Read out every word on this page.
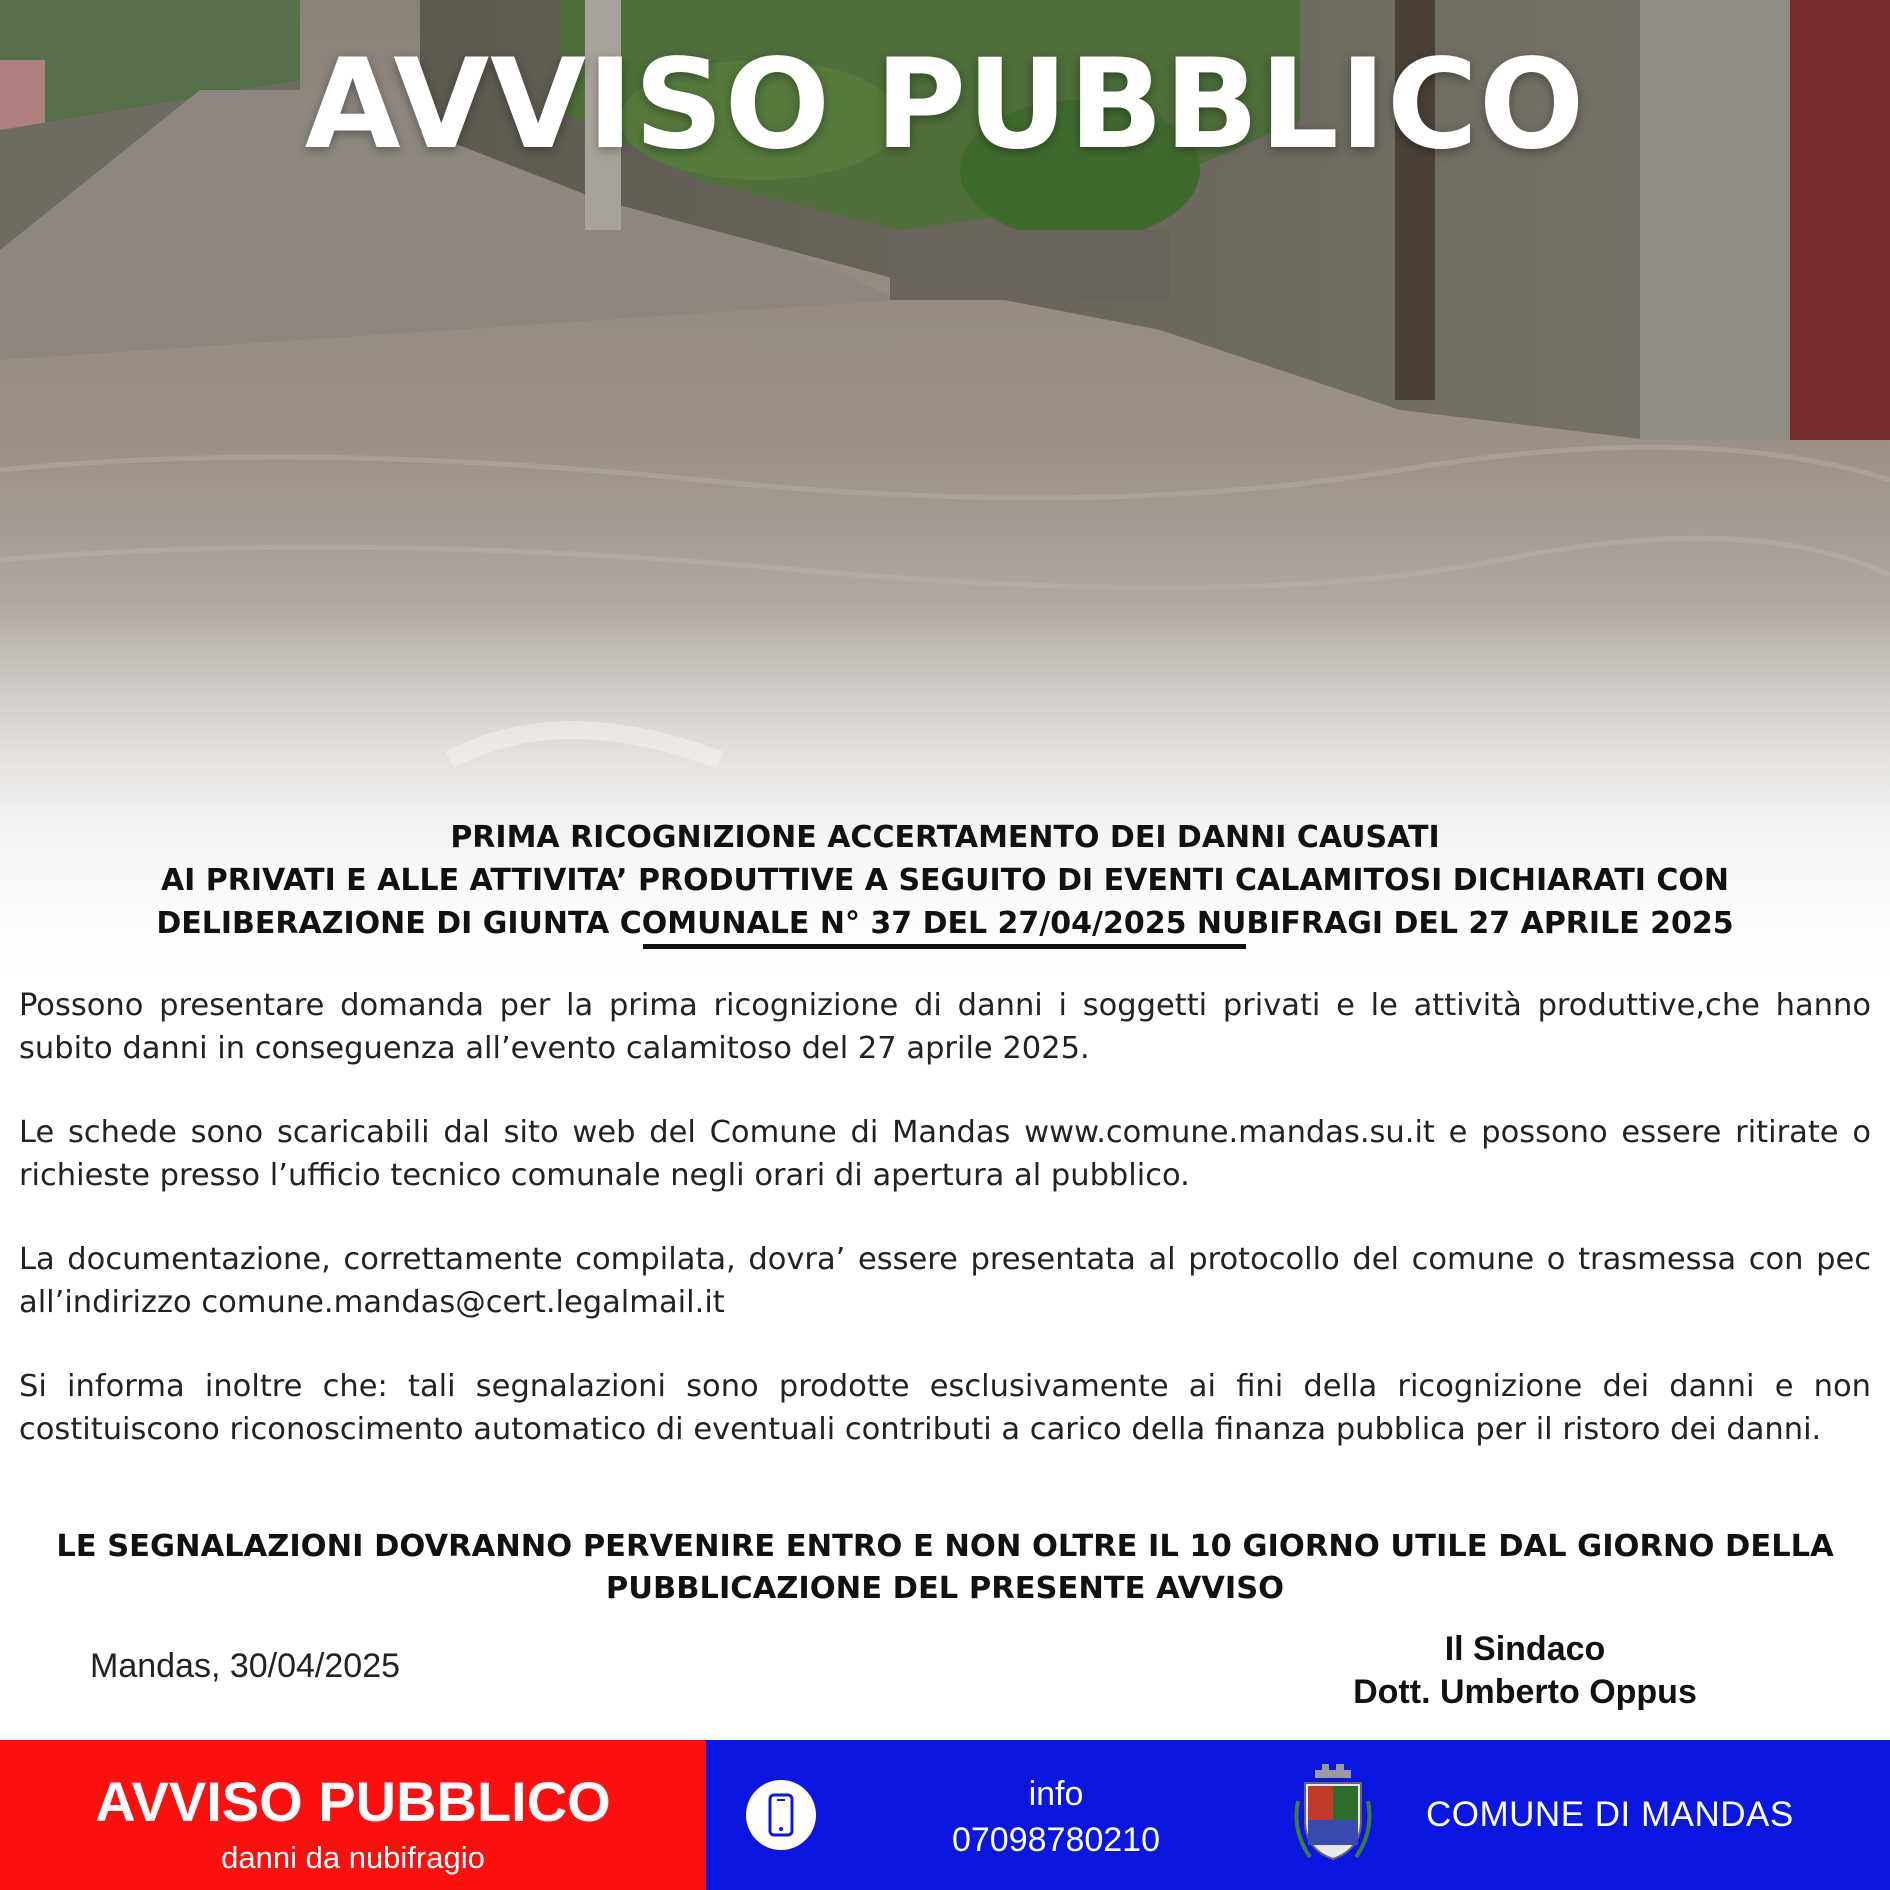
AVVISO PUBBLICO
PRIMA RICOGNIZIONE ACCERTAMENTO DEI DANNI CAUSATI
AI PRIVATI E ALLE ATTIVITA’ PRODUTTIVE A SEGUITO DI EVENTI CALAMITOSI DICHIARATI CON
DELIBERAZIONE DI GIUNTA COMUNALE N° 37 DEL 27/04/2025 NUBIFRAGI DEL 27 APRILE 2025

Possono presentare domanda per la prima ricognizione di danni i soggetti privati e le attività produttive,che hanno subito danni in conseguenza all’evento calamitoso del 27 aprile 2025.

Le schede sono scaricabili dal sito web del Comune di Mandas www.comune.mandas.su.it e possono essere ritirate o richieste presso l’ufficio tecnico comunale negli orari di apertura al pubblico.

La documentazione, correttamente compilata, dovra’ essere presentata al protocollo del comune o trasmessa con pec all’indirizzo comune.mandas@cert.legalmail.it

Si informa inoltre che: tali segnalazioni sono prodotte esclusivamente ai fini della ricognizione dei danni e non costituiscono riconoscimento automatico di eventuali contributi a carico della finanza pubblica per il ristoro dei danni.

LE SEGNALAZIONI DOVRANNO PERVENIRE ENTRO E NON OLTRE IL 10 GIORNO UTILE DAL GIORNO DELLA
PUBBLICAZIONE DEL PRESENTE AVVISO
Mandas, 30/04/2025	Il Sindaco
Dott. Umberto Oppus
AVVISO PUBBLICO
danni da nubifragio
info
07098780210
COMUNE DI MANDAS
